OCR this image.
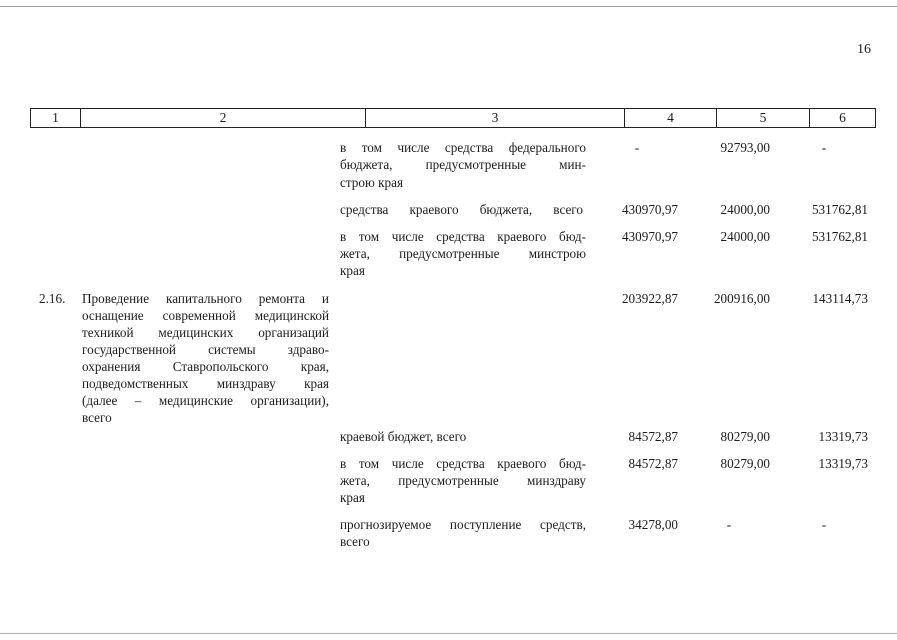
16
1	2	3	4	5	6
в том числе средства федерального
бюджета, предусмотренные мин-
строю края
-	92793,00	-
средства краевого бюджета, всего	430970,97	24000,00	531762,81
в том числе средства краевого бюд-
жета, предусмотренные минстрою
края
430970,97	24000,00	531762,81
2.16. Проведение капитального ремонта и
оснащение современной медицинской
техникой медицинских организаций
государственной системы здраво-
охранения Ставропольского края,
подведомственных минздраву края
(далее – медицинские организации),
всего
203922,87	200916,00	143114,73
краевой бюджет, всего	84572,87	80279,00	13319,73
в том числе средства краевого бюд-
жета, предусмотренные минздраву
края
84572,87	80279,00	13319,73
прогнозируемое поступление средств,
всего
34278,00	-	-
